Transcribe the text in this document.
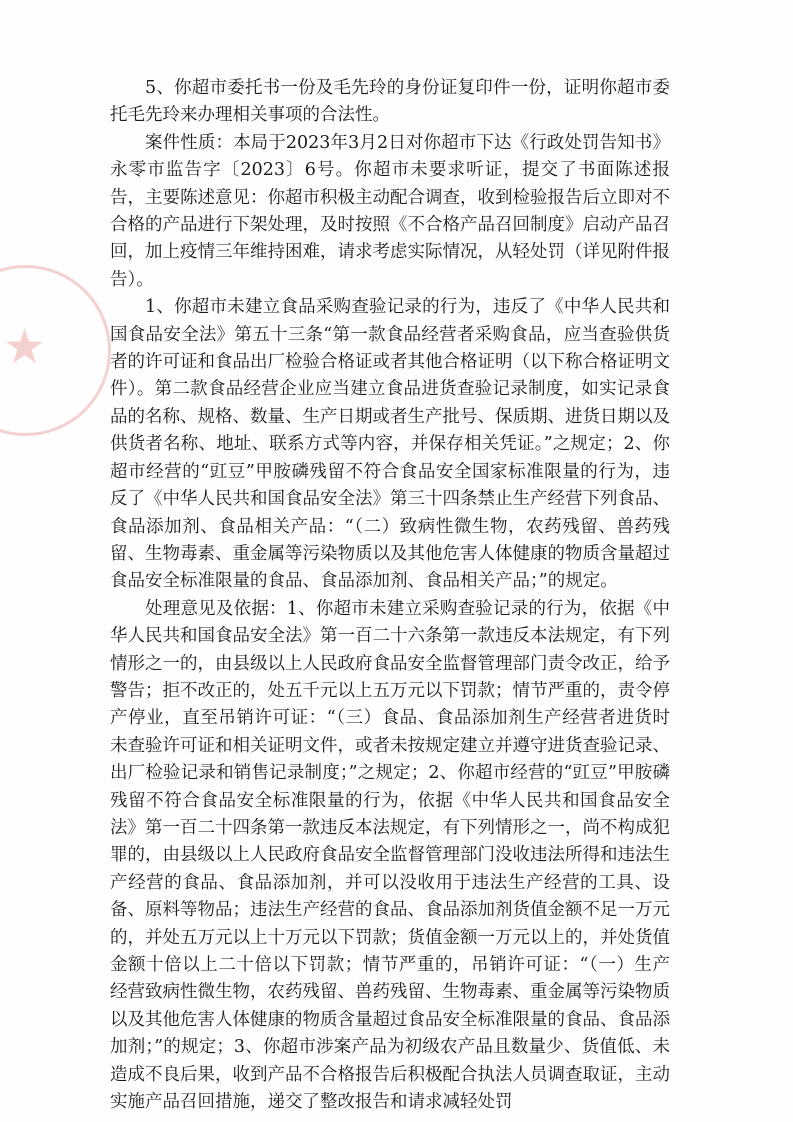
★

5、你超市委托书一份及毛先玲的身份证复印件一份，证明你超市委托毛先玲来办理相关事项的合法性。

案件性质：本局于2023年3月2日对你超市下达《行政处罚告知书》永零市监告字〔2023〕6号。你超市未要求听证，提交了书面陈述报告，主要陈述意见：你超市积极主动配合调查，收到检验报告后立即对不合格的产品进行下架处理，及时按照《不合格产品召回制度》启动产品召回，加上疫情三年维持困难，请求考虑实际情况，从轻处罚（详见附件报告）。

1、你超市未建立食品采购查验记录的行为，违反了《中华人民共和国食品安全法》第五十三条“第一款食品经营者采购食品，应当查验供货者的许可证和食品出厂检验合格证或者其他合格证明（以下称合格证明文件）。第二款食品经营企业应当建立食品进货查验记录制度，如实记录食品的名称、规格、数量、生产日期或者生产批号、保质期、进货日期以及供货者名称、地址、联系方式等内容，并保存相关凭证。”之规定；2、你超市经营的“豇豆”甲胺磷残留不符合食品安全国家标准限量的行为，违反了《中华人民共和国食品安全法》第三十四条禁止生产经营下列食品、食品添加剂、食品相关产品：“（二）致病性微生物，农药残留、兽药残留、生物毒素、重金属等污染物质以及其他危害人体健康的物质含量超过食品安全标准限量的食品、食品添加剂、食品相关产品；”的规定。

处理意见及依据：1、你超市未建立采购查验记录的行为，依据《中华人民共和国食品安全法》第一百二十六条第一款违反本法规定，有下列情形之一的，由县级以上人民政府食品安全监督管理部门责令改正，给予警告；拒不改正的，处五千元以上五万元以下罚款；情节严重的，责令停产停业，直至吊销许可证：“（三）食品、食品添加剂生产经营者进货时未查验许可证和相关证明文件，或者未按规定建立并遵守进货查验记录、出厂检验记录和销售记录制度；”之规定；2、你超市经营的“豇豆”甲胺磷残留不符合食品安全标准限量的行为，依据《中华人民共和国食品安全法》第一百二十四条第一款违反本法规定，有下列情形之一，尚不构成犯罪的，由县级以上人民政府食品安全监督管理部门没收违法所得和违法生产经营的食品、食品添加剂，并可以没收用于违法生产经营的工具、设备、原料等物品；违法生产经营的食品、食品添加剂货值金额不足一万元的，并处五万元以上十万元以下罚款；货值金额一万元以上的，并处货值金额十倍以上二十倍以下罚款；情节严重的，吊销许可证：“（一）生产经营致病性微生物，农药残留、兽药残留、生物毒素、重金属等污染物质以及其他危害人体健康的物质含量超过食品安全标准限量的食品、食品添加剂；”的规定；3、你超市涉案产品为初级农产品且数量少、货值低、未造成不良后果，收到产品不合格报告后积极配合执法人员调查取证，主动实施产品召回措施，递交了整改报告和请求减轻处罚
